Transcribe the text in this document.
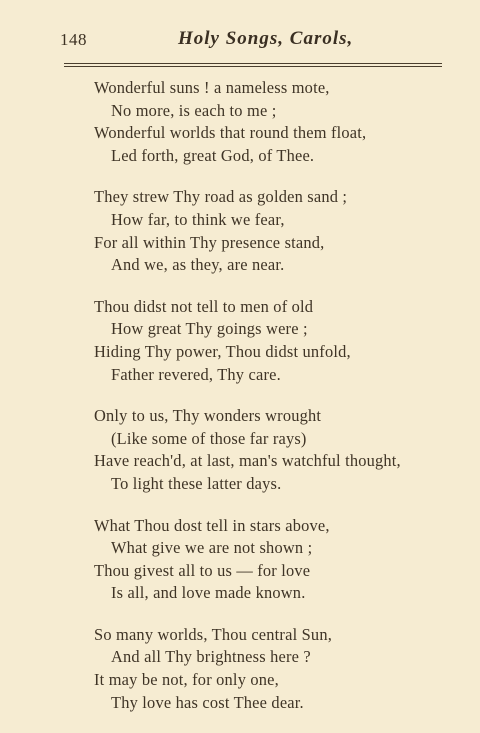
148	Holy Songs, Carols,
Wonderful suns ! a nameless mote,
No more, is each to me ;
Wonderful worlds that round them float,
Led forth, great God, of Thee.
They strew Thy road as golden sand ;
How far, to think we fear,
For all within Thy presence stand,
And we, as they, are near.
Thou didst not tell to men of old
How great Thy goings were ;
Hiding Thy power, Thou didst unfold,
Father revered, Thy care.
Only to us, Thy wonders wrought
(Like some of those far rays)
Have reach'd, at last, man's watchful thought,
To light these latter days.
What Thou dost tell in stars above,
What give we are not shown ;
Thou givest all to us — for love
Is all, and love made known.
So many worlds, Thou central Sun,
And all Thy brightness here ?
It may be not, for only one,
Thy love has cost Thee dear.
